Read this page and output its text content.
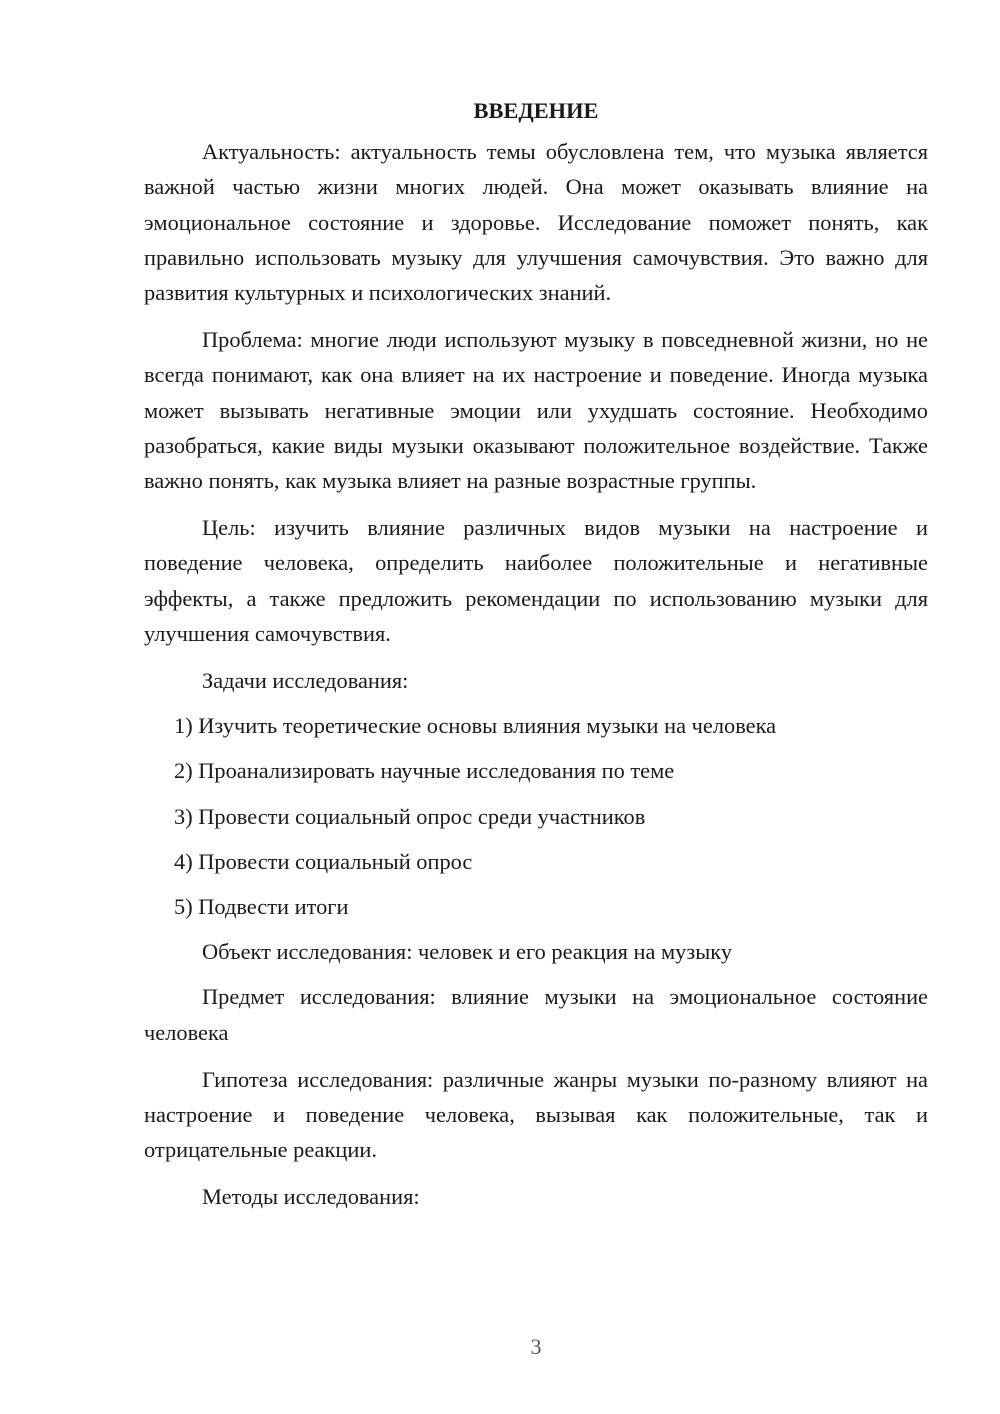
ВВЕДЕНИЕ

Актуальность: актуальность темы обусловлена тем, что музыка является важной частью жизни многих людей. Она может оказывать влияние на эмоциональное состояние и здоровье. Исследование поможет понять, как правильно использовать музыку для улучшения самочувствия. Это важно для развития культурных и психологических знаний.

Проблема: многие люди используют музыку в повседневной жизни, но не всегда понимают, как она влияет на их настроение и поведение. Иногда музыка может вызывать негативные эмоции или ухудшать состояние. Необходимо разобраться, какие виды музыки оказывают положительное воздействие. Также важно понять, как музыка влияет на разные возрастные группы.

Цель: изучить влияние различных видов музыки на настроение и поведение человека, определить наиболее положительные и негативные эффекты, а также предложить рекомендации по использованию музыки для улучшения самочувствия.

Задачи исследования:

1) Изучить теоретические основы влияния музыки на человека
2) Проанализировать научные исследования по теме
3) Провести социальный опрос среди участников
4) Провести социальный опрос
5) Подвести итоги

Объект исследования: человек и его реакция на музыку

Предмет исследования: влияние музыки на эмоциональное состояние человека

Гипотеза исследования: различные жанры музыки по-разному влияют на настроение и поведение человека, вызывая как положительные, так и отрицательные реакции.

Методы исследования:

3
